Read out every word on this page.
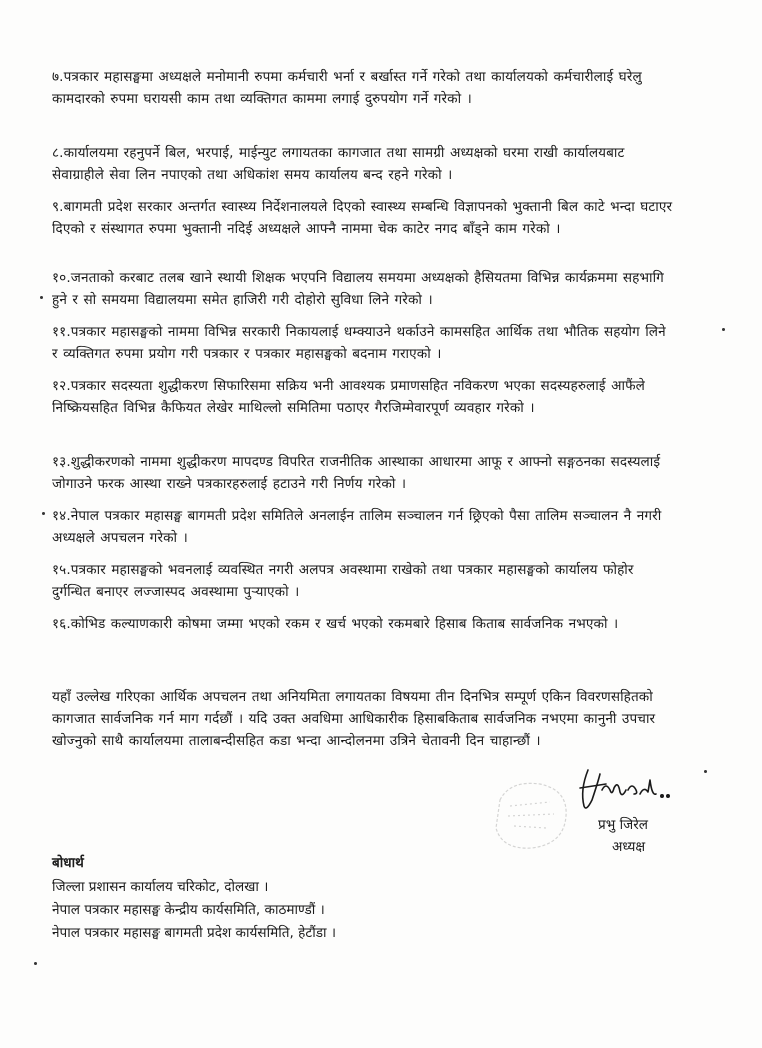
७.पत्रकार महासङ्घमा अध्यक्षले मनोमानी रुपमा कर्मचारी भर्ना र बर्खास्त गर्ने गरेको तथा कार्यालयको कर्मचारीलाई घरेलु कामदारको रुपमा घरायसी काम तथा व्यक्तिगत काममा लगाई दुरुपयोग गर्ने गरेको ।

८.कार्यालयमा रहनुपर्ने बिल, भरपाई, माईन्युट लगायतका कागजात तथा सामग्री अध्यक्षको घरमा राखी कार्यालयबाट सेवाग्राहीले सेवा लिन नपाएको तथा अधिकांश समय कार्यालय बन्द रहने गरेको ।

९.बागमती प्रदेश सरकार अन्तर्गत स्वास्थ्य निर्देशनालयले दिएको स्वास्थ्य सम्बन्धि विज्ञापनको भुक्तानी बिल काटे भन्दा घटाएर दिएको र संस्थागत रुपमा भुक्तानी नदिई अध्यक्षले आफ्नै नाममा चेक काटेर नगद बाँड्ने काम गरेको ।

१०.जनताको करबाट तलब खाने स्थायी शिक्षक भएपनि विद्यालय समयमा अध्यक्षको हैसियतमा विभिन्न कार्यक्रममा सहभागि हुने र सो समयमा विद्यालयमा समेत हाजिरी गरी दोहोरो सुविधा लिने गरेको ।

११.पत्रकार महासङ्घको नाममा विभिन्न सरकारी निकायलाई धम्क्याउने थर्काउने कामसहित आर्थिक तथा भौतिक सहयोग लिने र व्यक्तिगत रुपमा प्रयोग गरी पत्रकार र पत्रकार महासङ्घको बदनाम गराएको ।

१२.पत्रकार सदस्यता शुद्धीकरण सिफारिसमा सक्रिय भनी आवश्यक प्रमाणसहित नविकरण भएका सदस्यहरुलाई आफैंले निष्क्रियसहित विभिन्न कैफियत लेखेर माथिल्लो समितिमा पठाएर गैरजिम्मेवारपूर्ण व्यवहार गरेको ।

१३.शुद्धीकरणको नाममा शुद्धीकरण मापदण्ड विपरित राजनीतिक आस्थाका आधारमा आफू र आफ्नो सङ्गठनका सदस्यलाई जोगाउने फरक आस्था राख्ने पत्रकारहरुलाई हटाउने गरी निर्णय गरेको ।

१४.नेपाल पत्रकार महासङ्घ बागमती प्रदेश समितिले अनलाईन तालिम सञ्चालन गर्न छ्रिएको पैसा तालिम सञ्चालन नै नगरी अध्यक्षले अपचलन गरेको ।

१५.पत्रकार महासङ्घको भवनलाई व्यवस्थित नगरी अलपत्र अवस्थामा राखेको तथा पत्रकार महासङ्घको कार्यालय फोहोर दुर्गन्धित बनाएर लज्जास्पद अवस्थामा पुऱ्याएको ।

१६.कोभिड कल्याणकारी कोषमा जम्मा भएको रकम र खर्च भएको रकमबारे हिसाब किताब सार्वजनिक नभएको ।

यहाँ उल्लेख गरिएका आर्थिक अपचलन तथा अनियमिता लगायतका विषयमा तीन दिनभित्र सम्पूर्ण एकिन विवरणसहितको कागजात सार्वजनिक गर्न माग गर्दछौं । यदि उक्त अवधिमा आधिकारीक हिसाबकिताब सार्वजनिक नभएमा कानुनी उपचार खोज्नुको साथै कार्यालयमा तालाबन्दीसहित कडा भन्दा आन्दोलनमा उत्रिने चेतावनी दिन चाहान्छौं ।

प्रभु जिरेल
अध्यक्ष
बोधार्थ
जिल्ला प्रशासन कार्यालय चरिकोट, दोलखा ।
नेपाल पत्रकार महासङ्घ केन्द्रीय कार्यसमिति, काठमाण्डौं ।
नेपाल पत्रकार महासङ्घ बागमती प्रदेश कार्यसमिति, हेटौंडा ।
